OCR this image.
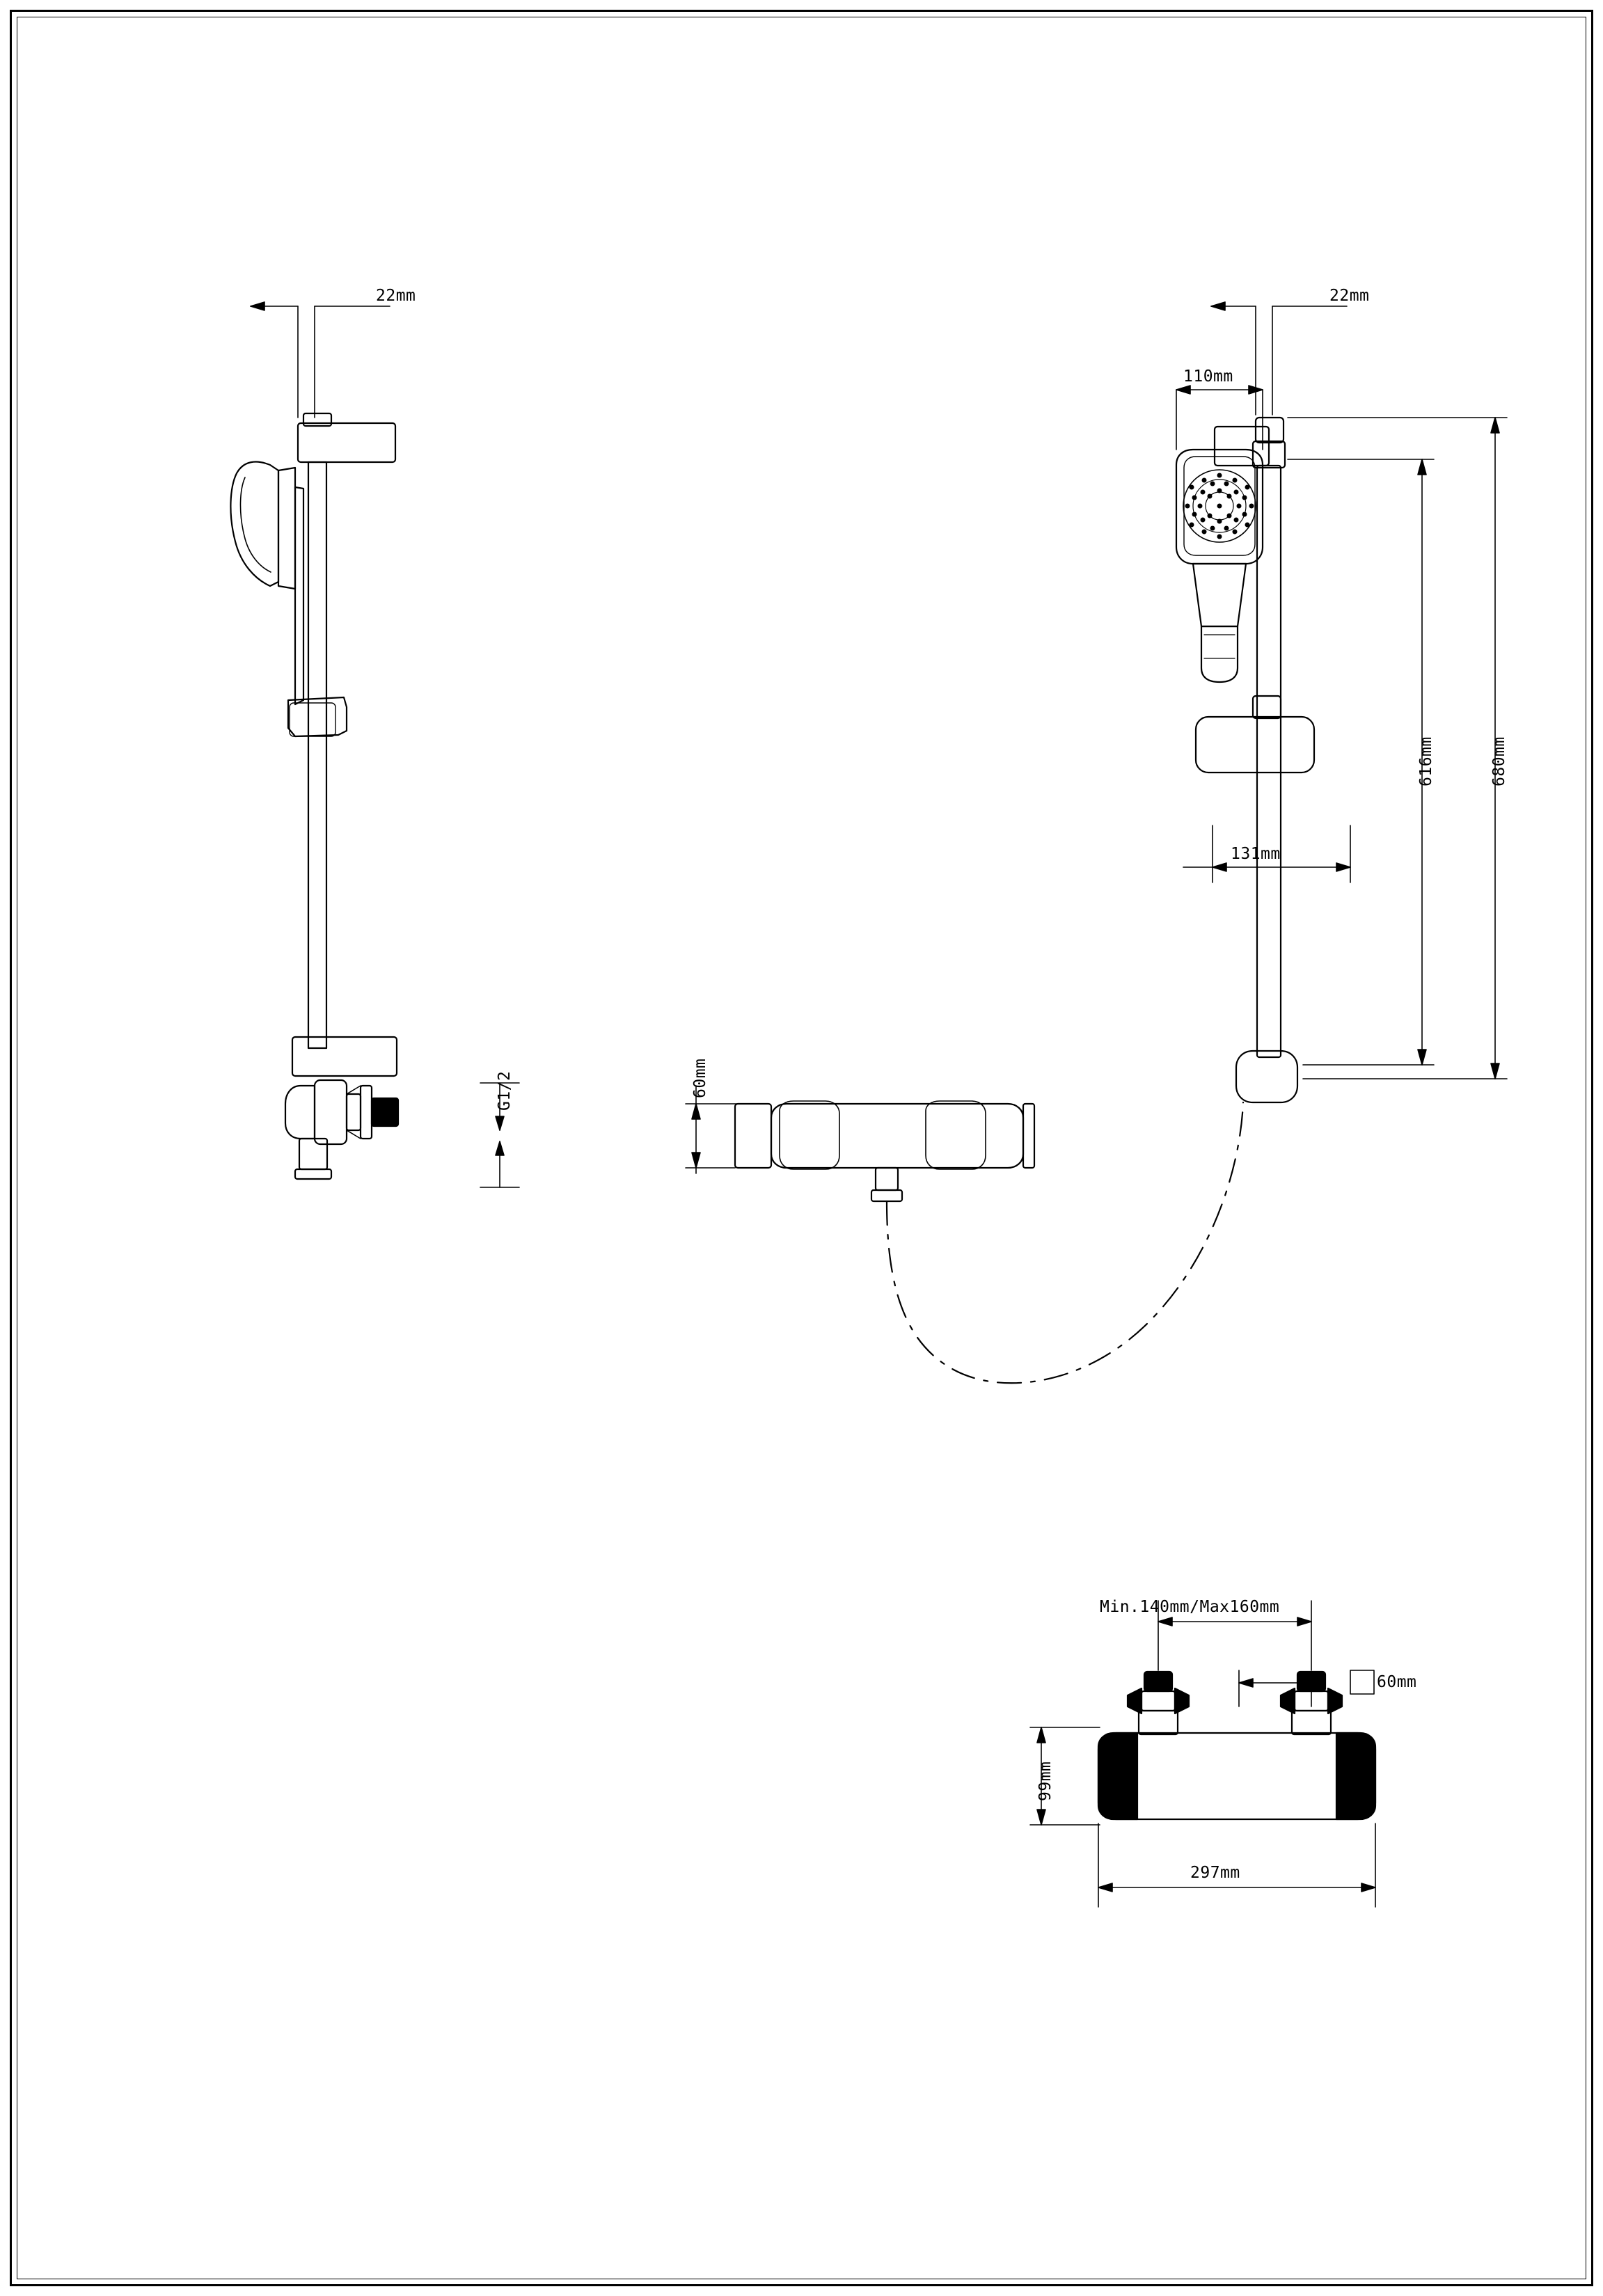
22mm	22mm
110mm
616mm	680mm
131mm
G1/2	60mm
Min.140mm/Max160mm
60mm
99mm
297mm
